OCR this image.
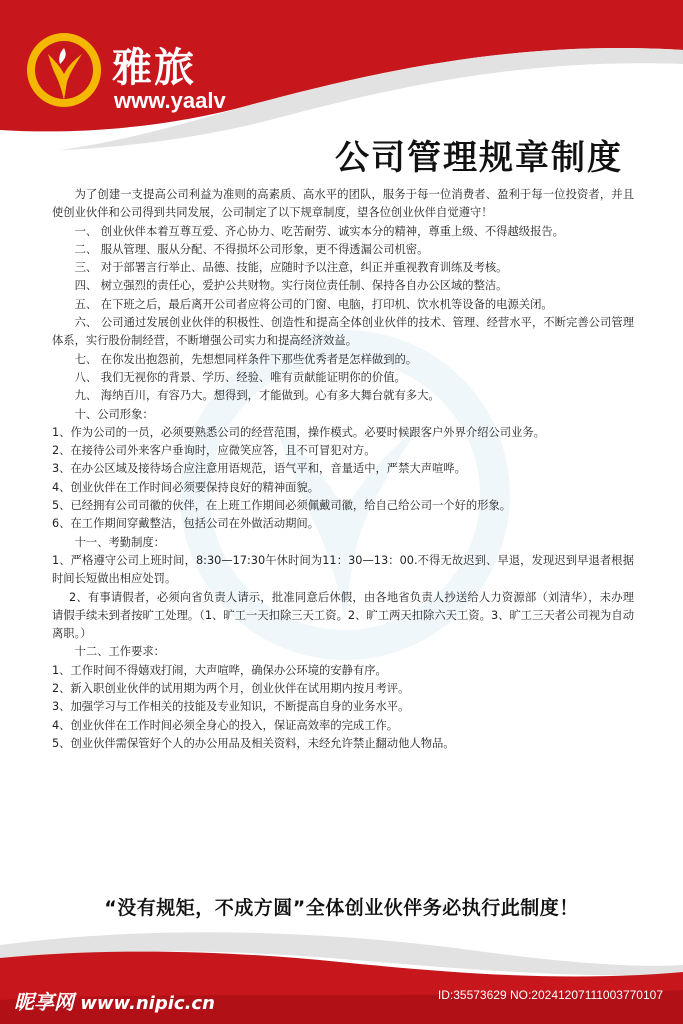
雅旅
www.yaalv
公司管理规章制度

为了创建一支提高公司利益为准则的高素质、高水平的团队，服务于每一位消费者、盈利于每一位投资者，并且使创业伙伴和公司得到共同发展，公司制定了以下规章制度，望各位创业伙伴自觉遵守！

一、 创业伙伴本着互尊互爱、齐心协力、吃苦耐劳、诚实本分的精神，尊重上级、不得越级报告。

二、 服从管理、服从分配、不得损坏公司形象，更不得透漏公司机密。

三、 对于部署言行举止、品德、技能，应随时予以注意，纠正并重视教育训练及考核。

四、 树立强烈的责任心，爱护公共财物。实行岗位责任制、保持各自办公区域的整洁。

五、 在下班之后，最后离开公司者应将公司的门窗、电脑，打印机、饮水机等设备的电源关闭。

六、 公司通过发展创业伙伴的积极性、创造性和提高全体创业伙伴的技术、管理、经营水平，不断完善公司管理体系，实行股份制经营，不断增强公司实力和提高经济效益。

七、 在你发出抱怨前，先想想同样条件下那些优秀者是怎样做到的。

八、 我们无视你的背景、学历、经验、唯有贡献能证明你的价值。

九、 海纳百川，有容乃大。想得到，才能做到。心有多大舞台就有多大。

十、公司形象：

1、作为公司的一员，必须要熟悉公司的经营范围，操作模式。必要时候跟客户外界介绍公司业务。

2、在接待公司外来客户垂询时，应微笑应答，且不可冒犯对方。

3、在办公区域及接待场合应注意用语规范，语气平和，音量适中，严禁大声喧哗。

4、创业伙伴在工作时间必须要保持良好的精神面貌。

5、已经拥有公司司徽的伙伴，在上班工作期间必须佩戴司徽，给自己给公司一个好的形象。

6、在工作期间穿戴整洁，包括公司在外做活动期间。

十一、考勤制度：

1、严格遵守公司上班时间，8:30—17:30午休时间为11：30—13：00.不得无故迟到、早退，发现迟到早退者根据时间长短做出相应处罚。

2、有事请假者，必须向省负责人请示，批准同意后休假，由各地省负责人抄送给人力资源部（刘清华），未办理请假手续未到者按旷工处理。（1、旷工一天扣除三天工资。2、旷工两天扣除六天工资。3、旷工三天者公司视为自动离职。）

十二、工作要求：

1、工作时间不得嬉戏打闹，大声喧哗，确保办公环境的安静有序。

2、新入职创业伙伴的试用期为两个月，创业伙伴在试用期内按月考评。

3、加强学习与工作相关的技能及专业知识，不断提高自身的业务水平。

4、创业伙伴在工作时间必须全身心的投入，保证高效率的完成工作。

5、创业伙伴需保管好个人的办公用品及相关资料，未经允许禁止翻动他人物品。

“没有规矩，不成方圆”全体创业伙伴务必执行此制度！
昵享网 www.nipic.cn	ID:35573629 NO:20241207111003770107
